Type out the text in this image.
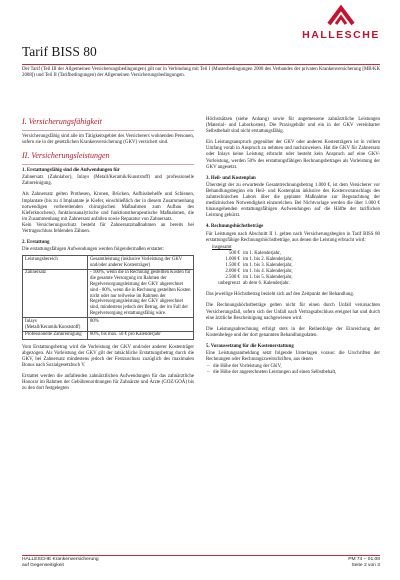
HALLESCHE
Tarif BISS 80
Der Tarif (Teil III der Allgemeinen Versicherungsbedingungen) gilt nur in Verbindung mit Teil I (Musterbedingungen 2008 des Verbandes der privaten Krankenversicherung [MB/KK 2008]) und Teil II (Tarifbedingungen) der Allgemeinen Versicherungsbedingungen.
I. Versicherungsfähigkeit

Versicherungsfähig sind alle im Tätigkeitsgebiet des Versicherers wohnenden Personen, sofern sie in der gesetzlichen Krankenversicherung (GKV) versichert sind.

II. Versicherungsleistungen
1. Erstattungsfähig sind die Aufwendungen für

Zahnersatz (Zahnlabor), Inlays (Metall/Keramik/Kunststoff) und professionelle Zahnreinigung.

Als Zahnersatz gelten Prothesen, Kronen, Brücken, Aufbissbehelfe und Schienen, Implantate (bis zu 4 Implantate je Kiefer, einschließlich der in diesem Zusammenhang notwendigen vorbereitenden chirurgischen Maßnahmen zum Aufbau des Kieferknochens), funktionsanalytische und funktionstherapeutische Maßnahmen, die im Zusammenhang mit Zahnersatz anfallen sowie Reparatur von Zahnersatz.

Kein Versicherungsschutz besteht für Zahnersatzmaßnahmen an bereits bei Vertragsschluss fehlenden Zähnen.

2. Erstattung

Die erstattungsfähigen Aufwendungen werden folgendermaßen erstattet:

Leistungsbereich	Gesamtleistung (inklusive Vorleistung der GKV und/oder anderer Kostenträger)
Zahnersatz	- 100%, wenn die in Rechnung gestellten Kosten für die gesamte Versorgung im Rahmen der Regelversorgungsleistung der GKV abgerechnet sind - 80%, wenn die in Rechnung gestellten Kosten nicht oder nur teilweise im Rahmen der Regelversorgungsleistung der GKV abgerechnet sind, mindestens jedoch der Betrag, der im Fall der Regelversorgung erstattungsfähig wäre.
Inlays (Metall/Keramik/Kunststoff)	80%
Professionelle Zahnreinigung	80%, bis max. 50 € pro Kalenderjahr

Vom Erstattungsbetrag wird die Vorleistung der GKV und/oder anderer Kostenträger abgezogen. Als Vorleistung der GKV gilt der tatsächliche Erstattungsbetrag durch die GKV, bei Zahnersatz mindestens jedoch der Festzuschuss zuzüglich des maximalen Bonus nach Sozialgesetzbuch V.

Erstattet werden die anfallenden zahnärztlichen Aufwendungen für das zahnärztliche Honorar im Rahmen der Gebührenordnungen für Zahnärzte und Ärzte (GOZ/GOÄ) bis zu den dort festgelegten

Höchstsätzen (siehe Anhang) sowie für angemessene zahnärztliche Leistungen (Material- und Laborkosten). Die Praxisgebühr und ein in der GKV vereinbarter Selbstbehalt sind nicht erstattungsfähig.

Ein Leistungsanspruch gegenüber der GKV oder anderen Kostenträgern ist in vollem Umfang vorab in Anspruch zu nehmen und nachzuweisen. Hat die GKV für Zahnersatz oder Inlays keine Leistung erbracht oder besteht kein Anspruch auf eine GKV-Vorleistung, werden 50% des erstattungsfähigen Rechnungsbetrages als Vorleistung der GKV angesetzt.

3. Heil- und Kostenplan

Übersteigt der zu erwartende Gesamtrechnungsbetrag 1.000 €, ist dem Versicherer vor Behandlungsbeginn ein Heil- und Kostenplan inklusive des Kostenvoranschlags des zahntechnischen Labors über die geplante Maßnahme zur Begutachtung der medizinischen Notwendigkeit einzureichen. Bei Nichtvorlage werden die über 1.000 € hinausgehenden erstattungsfähigen Aufwendungen auf die Hälfte der tariflichen Leistung gekürzt.

4. Rechnungshöchstbeträge

Für Leistungen nach Abschnitt II 1. gelten nach Versicherungsbeginn in Tarif BISS 80 erstattungsfähige Rechnungshöchstbeträge, aus denen die Leistung erbracht wird:

insgesamt
500 € im 1. Kalenderjahr,
1.000 € im 1. bis 2. Kalenderjahr,
1.500 € im 1. bis 3. Kalenderjahr,
2.000 € im 1. bis 4. Kalenderjahr,
2.500 € im 1. bis 5. Kalenderjahr,
unbegrenzt ab dem 6. Kalenderjahr.

Das jeweilige Höchstbetrag bezieht sich auf den Zeitpunkt der Behandlung.

Die Rechnungshöchstbeträge gelten nicht für einen durch Unfall verursachten Versicherungsfall, sofern sich der Unfall nach Vertragsabschluss ereignet hat und durch eine ärztliche Bescheinigung nachgewiesen wird.

Die Leistungsabrechnung erfolgt stets in der Reihenfolge der Einreichung der Kostenbelege und der dort genannten Behandlungsdaten.

5. Voraussetzung für die Kostenerstattung

Eine Leistungsanmeldung setzt folgende Unterlagen voraus: die Urschriften der Rechnungen oder Rechnungszweitschriften, aus denen

– die Höhe der Vorleistung der GKV,
– die Höhe der angerechneten Leistungen auf einen Selbstbehalt,
HALLESCHE Krankenversicherung
auf Gegenseitigkeit
PM 74 – 01.08
Seite 2 von 3
